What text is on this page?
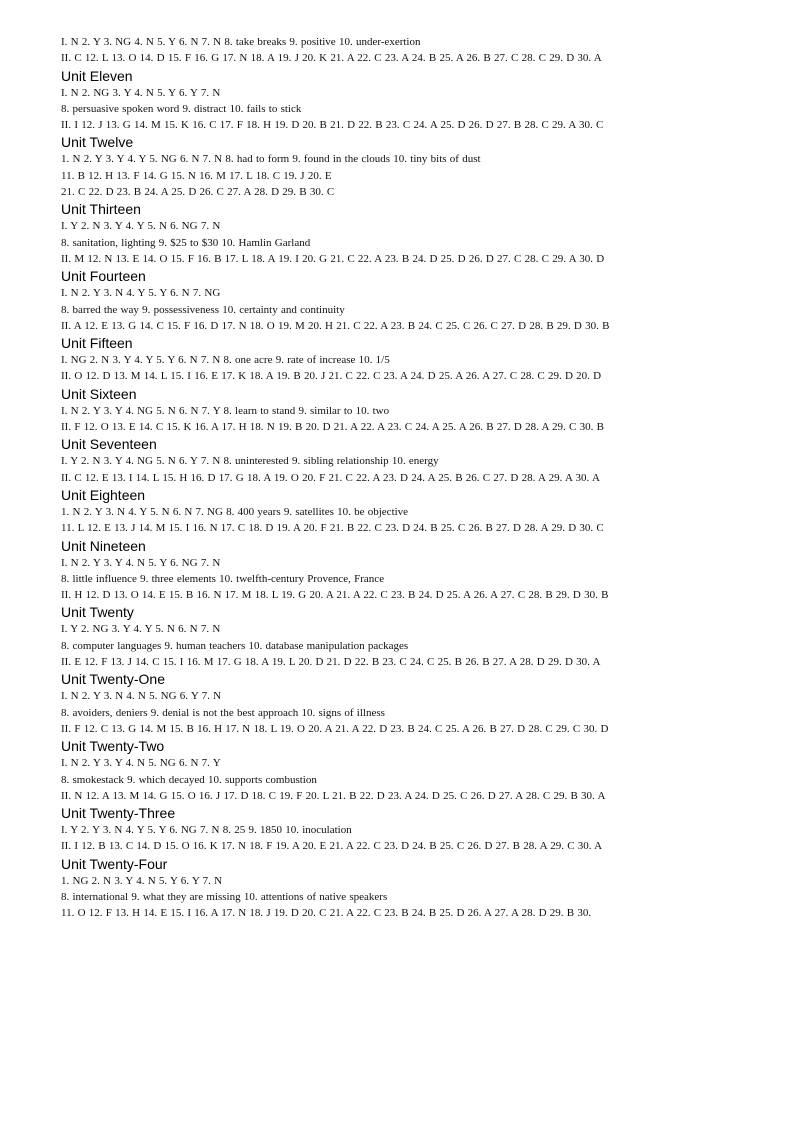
I. N 2. Y 3. NG 4. N 5. Y 6. N 7. N 8. take breaks 9. positive 10. under-exertion
II. C 12. L 13. O 14. D 15. F 16. G 17. N 18. A 19. J 20. K 21. A 22. C 23. A 24. B 25. A 26. B 27. C 28. C 29. D 30. A
Unit Eleven
I. N 2. NG 3. Y 4. N 5. Y 6. Y 7. N
8. persuasive spoken word 9. distract 10. fails to stick
II. I 12. J 13. G 14. M 15. K 16. C 17. F 18. H 19. D 20. B 21. D 22. B 23. C 24. A 25. D 26. D 27. B 28. C 29. A 30. C
Unit Twelve
1. N 2. Y 3. Y 4. Y 5. NG 6. N 7. N 8. had to form 9. found in the clouds 10. tiny bits of dust
11. B 12. H 13. F 14. G 15. N 16. M 17. L 18. C 19. J 20. E
21. C 22. D 23. B 24. A 25. D 26. C 27. A 28. D 29. B 30. C
Unit Thirteen
I. Y 2. N 3. Y 4. Y 5. N 6. NG 7. N
8. sanitation, lighting 9. $25 to $30 10. Hamlin Garland
II. M 12. N 13. E 14. O 15. F 16. B 17. L 18. A 19. I 20. G 21. C 22. A 23. B 24. D 25. D 26. D 27. C 28. C 29. A 30. D
Unit Fourteen
I. N 2. Y 3. N 4. Y 5. Y 6. N 7. NG
8. barred the way 9. possessiveness 10. certainty and continuity
II. A 12. E 13. G 14. C 15. F 16. D 17. N 18. O 19. M 20. H 21. C 22. A 23. B 24. C 25. C 26. C 27. D 28. B 29. D 30. B
Unit Fifteen
I. NG 2. N 3. Y 4. Y 5. Y 6. N 7. N 8. one acre 9. rate of increase 10. 1/5
II. O 12. D 13. M 14. L 15. I 16. E 17. K 18. A 19. B 20. J 21. C 22. C 23. A 24. D 25. A 26. A 27. C 28. C 29. D 20. D
Unit Sixteen
I. N 2. Y 3. Y 4. NG 5. N 6. N 7. Y 8. learn to stand 9. similar to 10. two
II. F 12. O 13. E 14. C 15. K 16. A 17. H 18. N 19. B 20. D 21. A 22. A 23. C 24. A 25. A 26. B 27. D 28. A 29. C 30. B
Unit Seventeen
I. Y 2. N 3. Y 4. NG 5. N 6. Y 7. N 8. uninterested 9. sibling relationship 10. energy
II. C 12. E 13. I 14. L 15. H 16. D 17. G 18. A 19. O 20. F 21. C 22. A 23. D 24. A 25. B 26. C 27. D 28. A 29. A 30. A
Unit Eighteen
1. N 2. Y 3. N 4. Y 5. N 6. N 7. NG 8. 400 years 9. satellites 10. be objective
11. L 12. E 13. J 14. M 15. I 16. N 17. C 18. D 19. A 20. F 21. B 22. C 23. D 24. B 25. C 26. B 27. D 28. A 29. D 30. C
Unit Nineteen
I. N 2. Y 3. Y 4. N 5. Y 6. NG 7. N
8. little influence 9. three elements 10. twelfth-century Provence, France
II. H 12. D 13. O 14. E 15. B 16. N 17. M 18. L 19. G 20. A 21. A 22. C 23. B 24. D 25. A 26. A 27. C 28. B 29. D 30. B
Unit Twenty
I. Y 2. NG 3. Y 4. Y 5. N 6. N 7. N
8. computer languages 9. human teachers 10. database manipulation packages
II. E 12. F 13. J 14. C 15. I 16. M 17. G 18. A 19. L 20. D 21. D 22. B 23. C 24. C 25. B 26. B 27. A 28. D 29. D 30. A
Unit Twenty-One
I. N 2. Y 3. N 4. N 5. NG 6. Y 7. N
8. avoiders, deniers 9. denial is not the best approach 10. signs of illness
II. F 12. C 13. G 14. M 15. B 16. H 17. N 18. L 19. O 20. A 21. A 22. D 23. B 24. C 25. A 26. B 27. D 28. C 29. C 30. D
Unit Twenty-Two
I. N 2. Y 3. Y 4. N 5. NG 6. N 7. Y
8. smokestack 9. which decayed 10. supports combustion
II. N 12. A 13. M 14. G 15. O 16. J 17. D 18. C 19. F 20. L 21. B 22. D 23. A 24. D 25. C 26. D 27. A 28. C 29. B 30. A
Unit Twenty-Three
I. Y 2. Y 3. N 4. Y 5. Y 6. NG 7. N 8. 25 9. 1850 10. inoculation
II. I 12. B 13. C 14. D 15. O 16. K 17. N 18. F 19. A 20. E 21. A 22. C 23. D 24. B 25. C 26. D 27. B 28. A 29. C 30. A
Unit Twenty-Four
1. NG 2. N 3. Y 4. N 5. Y 6. Y 7. N
8. international 9. what they are missing 10. attentions of native speakers
11. O 12. F 13. H 14. E 15. I 16. A 17. N 18. J 19. D 20. C 21. A 22. C 23. B 24. B 25. D 26. A 27. A 28. D 29. B 30.
